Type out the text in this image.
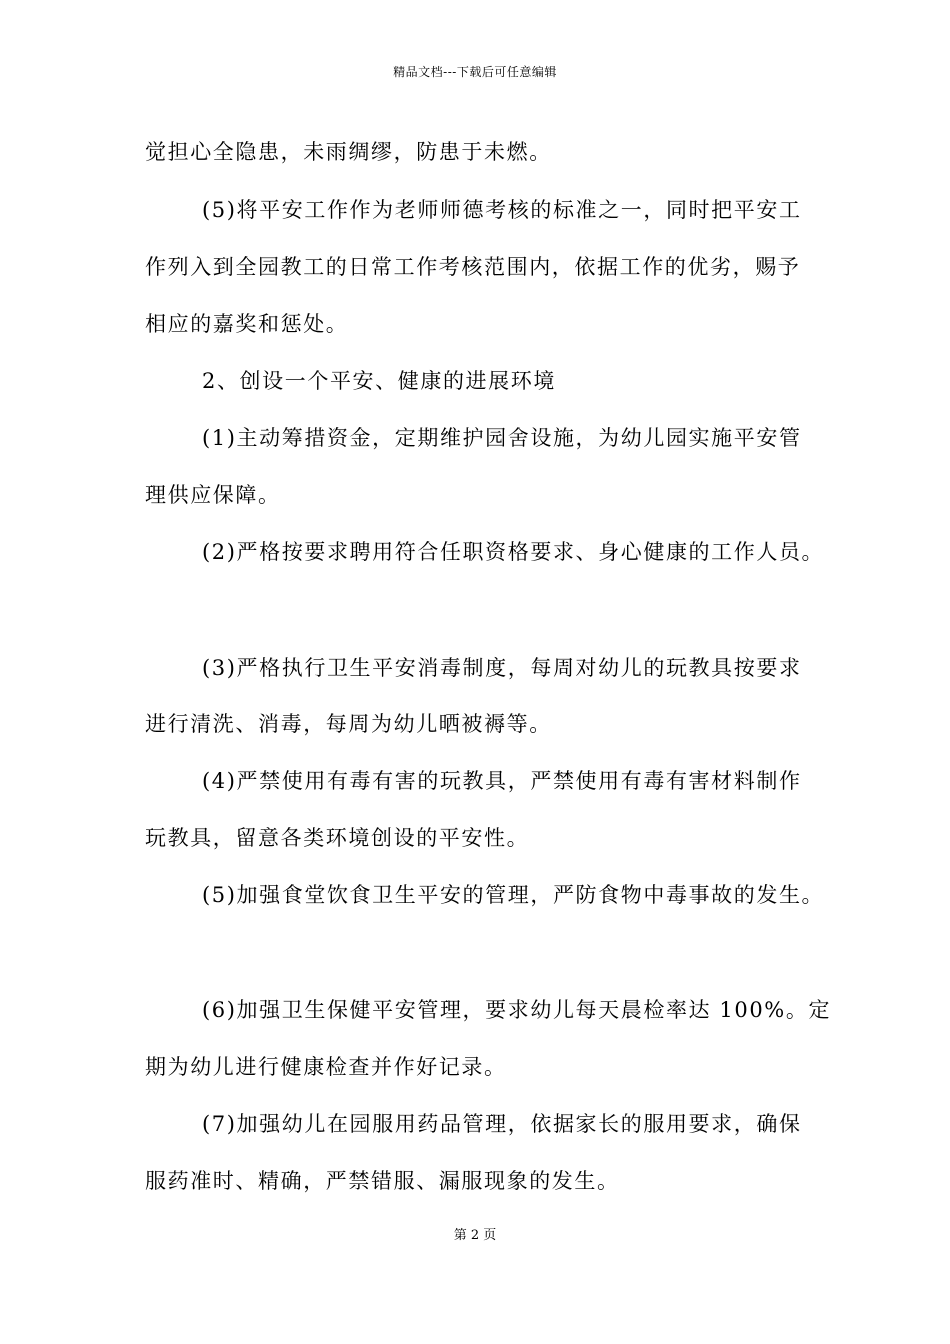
精品文档---下载后可任意编辑
觉担心全隐患，未雨绸缪，防患于未燃。
(5)将平安工作作为老师师德考核的标准之一，同时把平安工
作列入到全园教工的日常工作考核范围内，依据工作的优劣，赐予
相应的嘉奖和惩处。
2、创设一个平安、健康的进展环境
(1)主动筹措资金，定期维护园舍设施，为幼儿园实施平安管
理供应保障。
(2)严格按要求聘用符合任职资格要求、身心健康的工作人员。
(3)严格执行卫生平安消毒制度，每周对幼儿的玩教具按要求
进行清洗、消毒，每周为幼儿晒被褥等。
(4)严禁使用有毒有害的玩教具，严禁使用有毒有害材料制作
玩教具，留意各类环境创设的平安性。
(5)加强食堂饮食卫生平安的管理，严防食物中毒事故的发生。
(6)加强卫生保健平安管理，要求幼儿每天晨检率达 100%。定
期为幼儿进行健康检查并作好记录。
(7)加强幼儿在园服用药品管理，依据家长的服用要求，确保
服药准时、精确，严禁错服、漏服现象的发生。
第 2 页
